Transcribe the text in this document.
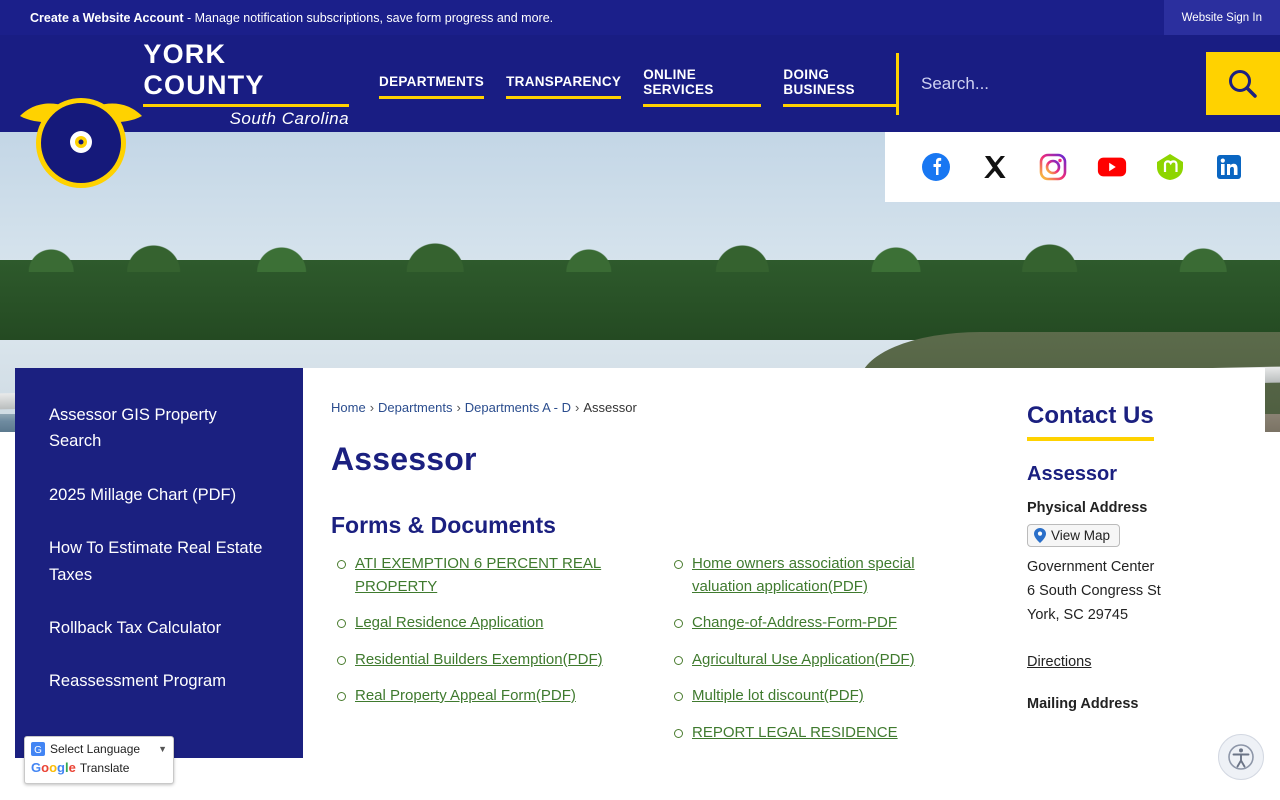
Create a Website Account - Manage notification subscriptions, save form progress and more.	Website Sign In
YORK COUNTY
South Carolina
DEPARTMENTS TRANSPARENCY ONLINE SERVICES
DOING BUSINESS
Search...
Assessor GIS Property Search
2025 Millage Chart (PDF)
How To Estimate Real Estate Taxes
Rollback Tax Calculator
Reassessment Program
Home › Departments › Departments A - D › Assessor
Assessor
Forms & Documents
ATI EXEMPTION 6 PERCENT REAL PROPERTY
Legal Residence Application
Residential Builders Exemption(PDF)
Real Property Appeal Form(PDF)
Home owners association special valuation application(PDF)
Change-of-Address-Form-PDF
Agricultural Use Application(PDF)
Multiple lot discount(PDF)
REPORT LEGAL RESIDENCE
Contact Us
Assessor
Physical Address
View Map
Government Center
6 South Congress St
York, SC 29745
Directions
Mailing Address
G Select Language ▼
Google Translate
